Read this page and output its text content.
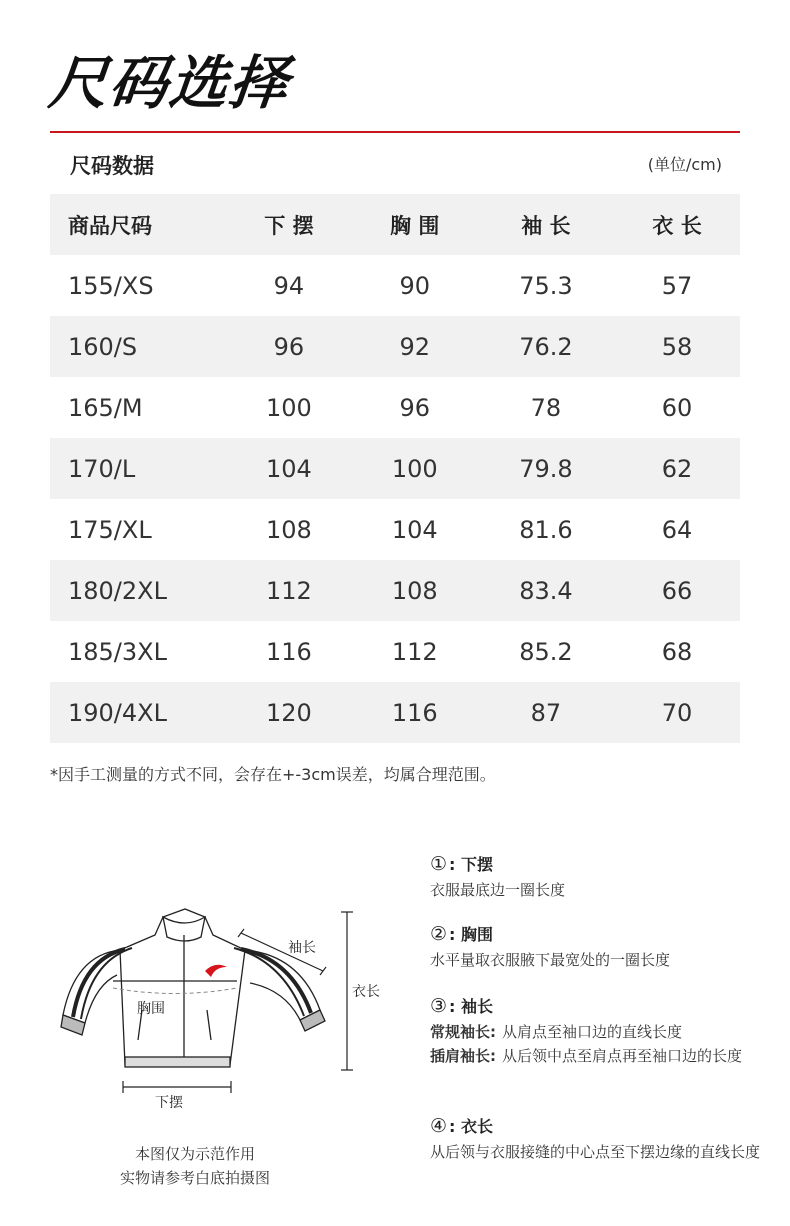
尺码选择
尺码数据	(单位/cm)
商品尺码	下 摆	胸 围	袖 长	衣 长
155/XS	94	90	75.3	57
160/S	96	92	76.2	58
165/M	100	96	78	60
170/L	104	100	79.8	62
175/XL	108	104	81.6	64
180/2XL	112	108	83.4	66
185/3XL	116	112	85.2	68
190/4XL	120	116	87	70
*因手工测量的方式不同，会存在+-3cm误差，均属合理范围。
胸围
袖长
衣长
下摆
本图仅为示范作用
实物请参考白底拍摄图
① : 下摆
衣服最底边一圈长度
② : 胸围
水平量取衣服腋下最宽处的一圈长度
③ : 袖长
常规袖长: 从肩点至袖口边的直线长度
插肩袖长: 从后领中点至肩点再至袖口边的长度
④ : 衣长
从后领与衣服接缝的中心点至下摆边缘的直线长度
